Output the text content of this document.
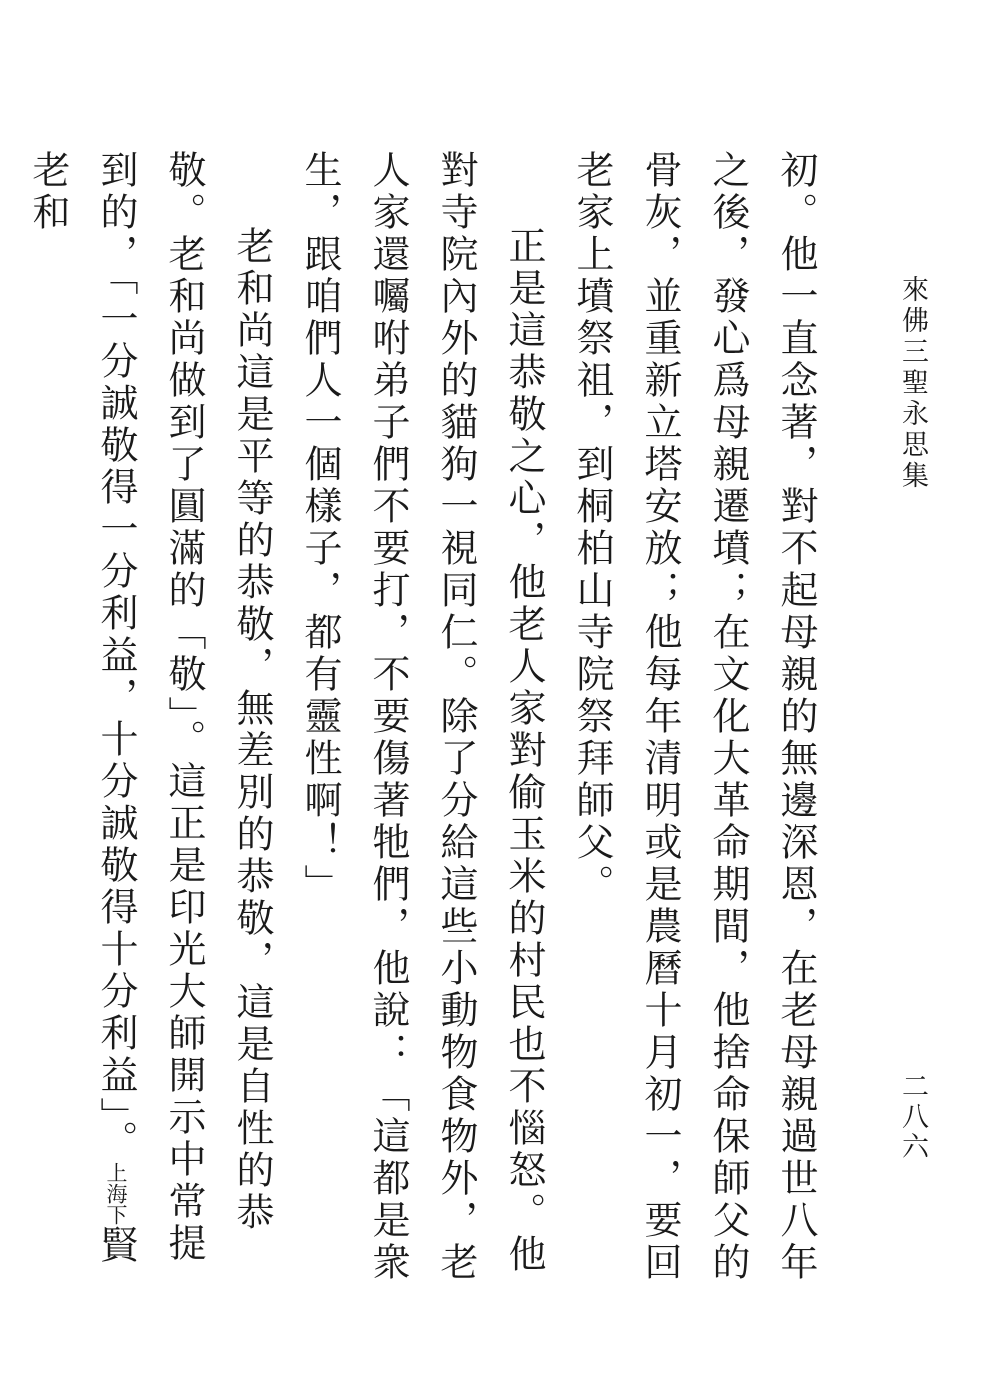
來佛三聖永思集

初。他一直念著，對不起母親的無邊深恩，在老母親過世八年之後，發心爲母親遷墳；在文化大革命期間，他捨命保師父的骨灰，並重新立塔安放；他每年清明或是農曆十月初一，要回老家上墳祭祖，到桐柏山寺院祭拜師父。

正是這恭敬之心，他老人家對偷玉米的村民也不惱怒。他對寺院內外的貓狗一視同仁。除了分給這些小動物食物外，老人家還囑咐弟子們不要打，不要傷著牠們，他說：「這都是衆生，跟咱們人一個樣子，都有靈性啊！」

老和尚這是平等的恭敬，無差別的恭敬，這是自性的恭敬。老和尚做到了圓滿的「敬」。這正是印光大師開示中常提到的，「一分誠敬得一分利益，十分誠敬得十分利益」。上海下賢老和

二八六
